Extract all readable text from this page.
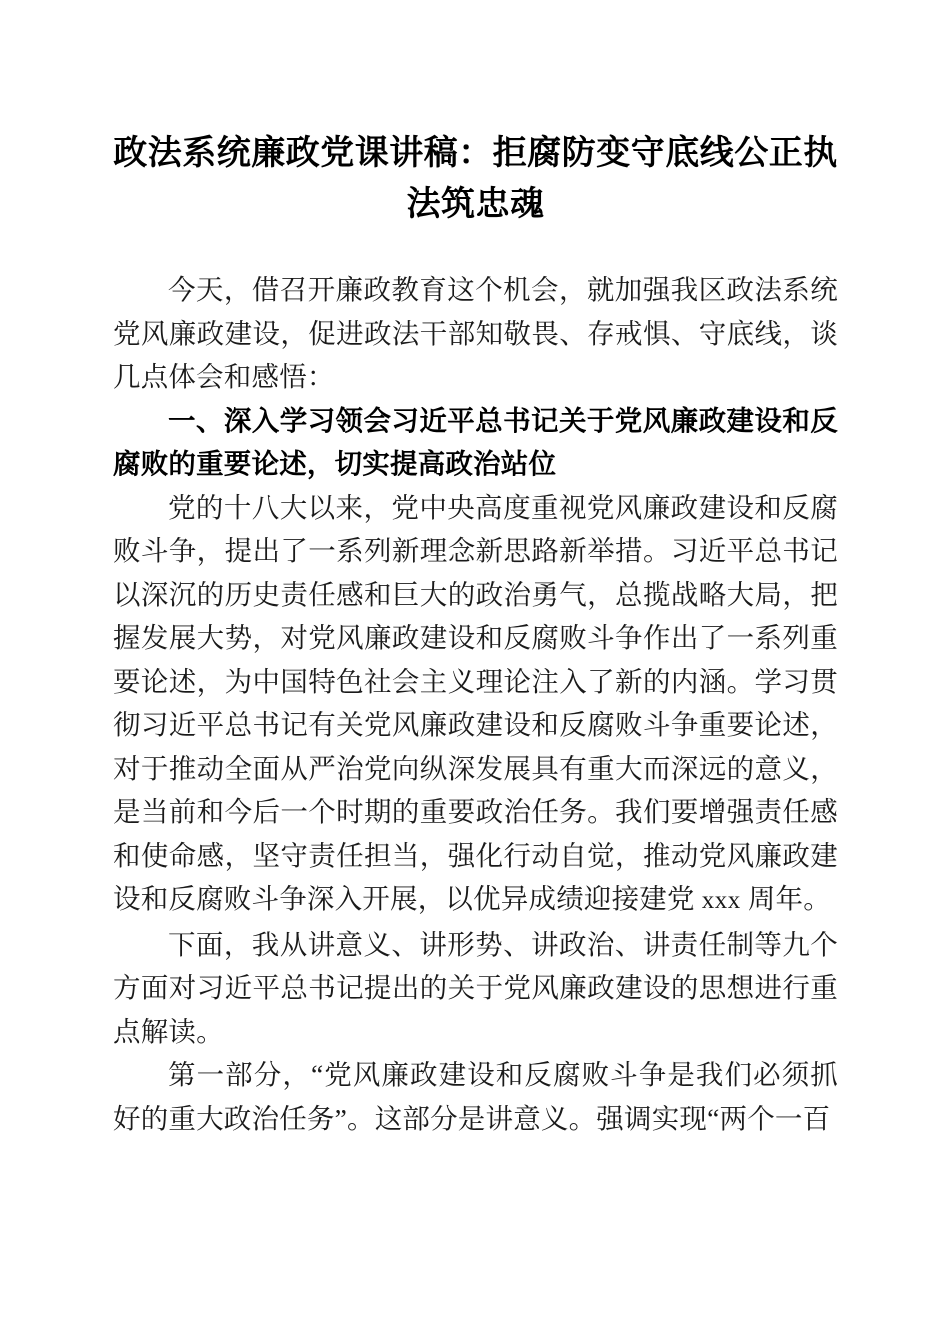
政法系统廉政党课讲稿：拒腐防变守底线公正执法筑忠魂

今天，借召开廉政教育这个机会，就加强我区政法系统党风廉政建设，促进政法干部知敬畏、存戒惧、守底线，谈几点体会和感悟：

一、深入学习领会习近平总书记关于党风廉政建设和反腐败的重要论述，切实提高政治站位

党的十八大以来，党中央高度重视党风廉政建设和反腐败斗争，提出了一系列新理念新思路新举措。习近平总书记以深沉的历史责任感和巨大的政治勇气，总揽战略大局，把握发展大势，对党风廉政建设和反腐败斗争作出了一系列重要论述，为中国特色社会主义理论注入了新的内涵。学习贯彻习近平总书记有关党风廉政建设和反腐败斗争重要论述，对于推动全面从严治党向纵深发展具有重大而深远的意义，是当前和今后一个时期的重要政治任务。我们要增强责任感和使命感，坚守责任担当，强化行动自觉，推动党风廉政建设和反腐败斗争深入开展，以优异成绩迎接建党 xxx 周年。

下面，我从讲意义、讲形势、讲政治、讲责任制等九个方面对习近平总书记提出的关于党风廉政建设的思想进行重点解读。

第一部分，“党风廉政建设和反腐败斗争是我们必须抓好的重大政治任务”。这部分是讲意义。强调实现“两个一百
